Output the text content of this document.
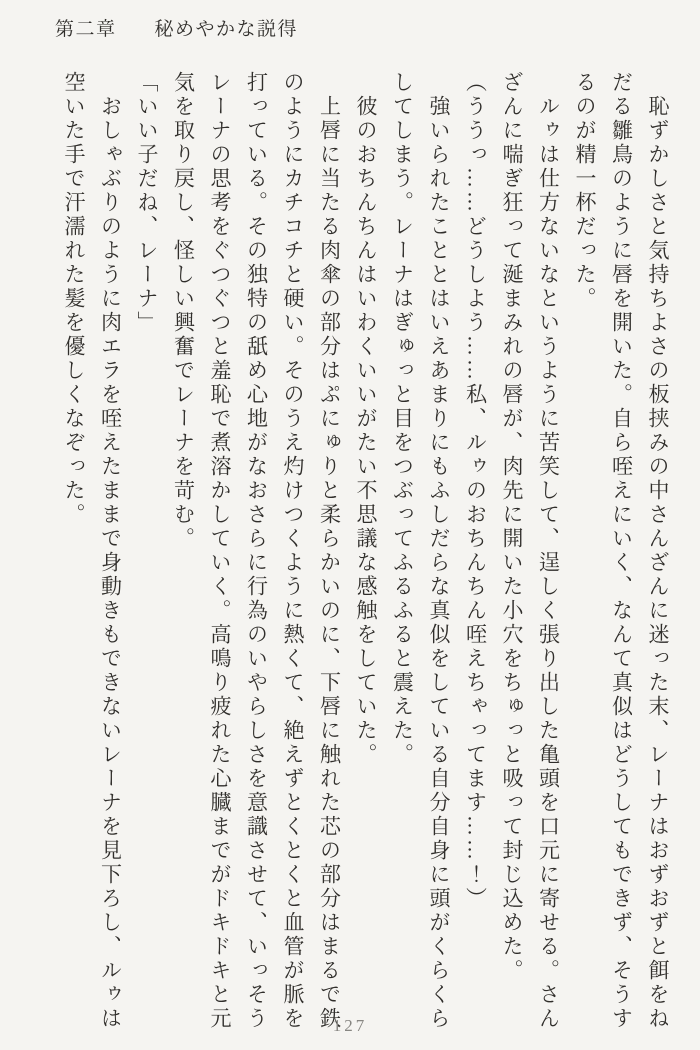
第二章 秘めやかな説得
　恥ずかしさと気持ちよさの板挟みの中さんざんに迷った末、レーナはおずおずと餌をね
だる雛鳥のように唇を開いた。自ら咥えにいく、なんて真似はどうしてもできず、そうす
るのが精一杯だった。
　ルゥは仕方ないなというように苦笑して、逞しく張り出した亀頭を口元に寄せる。さん
ざんに喘ぎ狂って涎まみれの唇が、肉先に開いた小穴をちゅっと吸って封じ込めた。
（ううっ……どうしよう……私、ルゥのおちんちん咥えちゃってます……！）
　強いられたこととはいえあまりにもふしだらな真似をしている自分自身に頭がくらくら
してしまう。レーナはぎゅっと目をつぶってふるふると震えた。
　彼のおちんちんはいわくいいがたい不思議な感触をしていた。
　上唇に当たる肉傘の部分はぷにゅりと柔らかいのに、下唇に触れた芯の部分はまるで鉄
のようにカチコチと硬い。そのうえ灼けつくように熱くて、絶えずとくとくと血管が脈を
打っている。その独特の舐め心地がなおさらに行為のいやらしさを意識させて、いっそう
レーナの思考をぐつぐつと羞恥で煮溶かしていく。高鳴り疲れた心臓までがドキドキと元
気を取り戻し、怪しい興奮でレーナを苛む。
「いい子だね、レーナ」
　おしゃぶりのように肉エラを咥えたままで身動きもできないレーナを見下ろし、ルゥは
空いた手で汗濡れた髪を優しくなぞった。
127
